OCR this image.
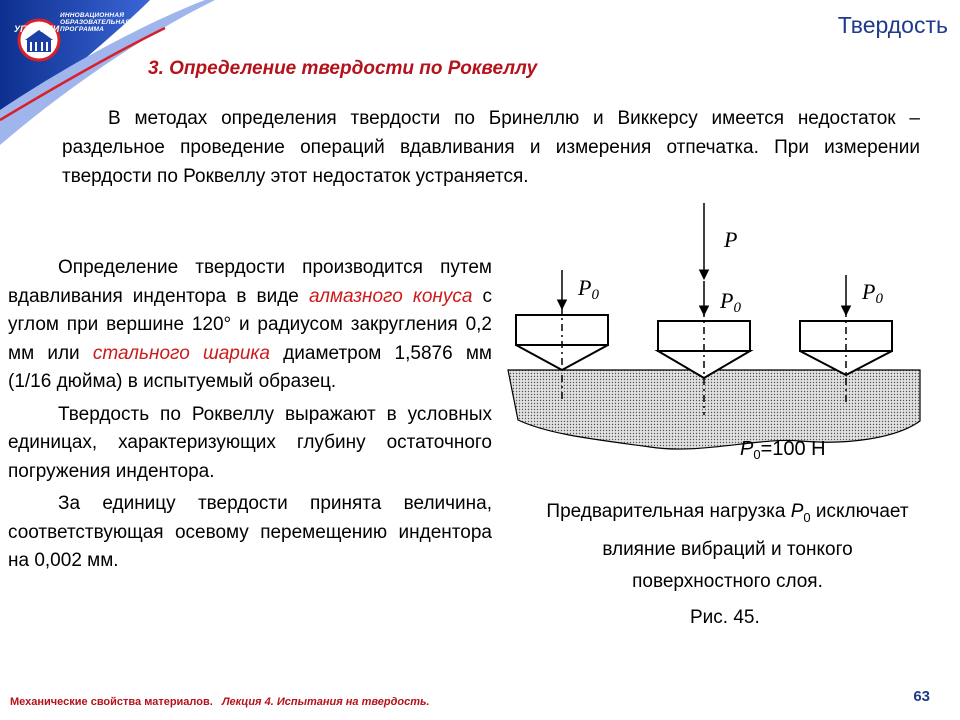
ИННОВАЦИОННАЯ
ОБРАЗОВАТЕЛЬНАЯ
ПРОГРАММА
УГТУ-УПИ	Твердость
3. Определение твердости по Роквеллу

В методах определения твердости по Бринеллю и Виккерсу имеется недостаток – раздельное проведение операций вдавливания и измерения отпечатка. При измерении твердости по Роквеллу этот недостаток устраняется.

Определение твердости производится путем вдавливания индентора в виде алмазного конуса с углом при вершине 120° и радиусом закругления 0,2 мм или стального шарика диаметром 1,5876 мм (1/16 дюйма) в испытуемый образец.

Твердость по Роквеллу выражают в условных единицах, характеризующих глубину остаточного погружения индентора.

За единицу твердости принята величина, соответствующая осевому перемещению индентора на 0,002 мм.

P
P0	P0
P0
$P_0=100$ Н
Предварительная нагрузка $P_0$ исключает влияние вибраций и тонкого поверхностного слоя.
Рис. 45.
Механические свойства материалов. Лекция 4. Испытания на твердость.	63
